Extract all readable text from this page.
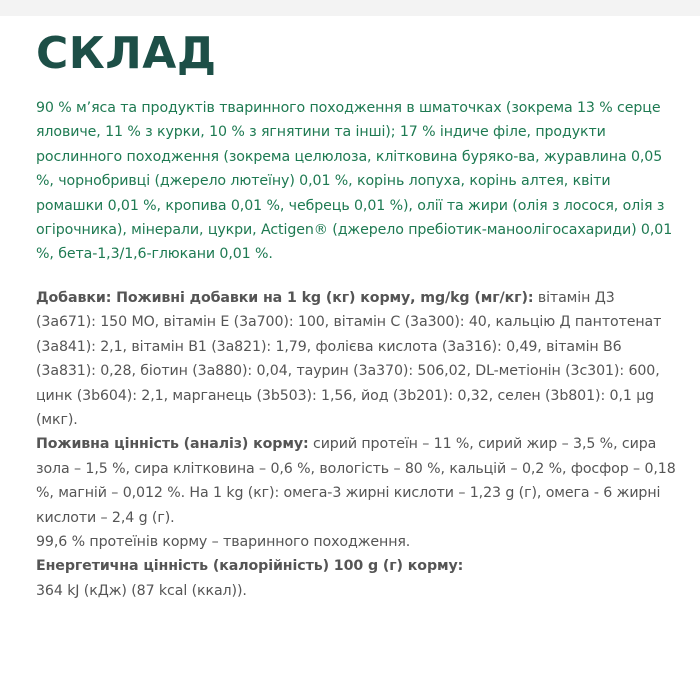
СКЛАД

90 % м’яса та продуктів тваринного походження в шматочках (зокрема 13 % серце яловиче, 11 % з курки, 10 % з ягнятини та інші); 17 % індиче філе, продукти рослинного походження (зокрема целюлоза, клітковина буряко-ва, журавлина 0,05 %, чорнобривці (джерело лютеїну) 0,01 %, корінь лопуха, корінь алтея, квіти ромашки 0,01 %, кропива 0,01 %, чебрець 0,01 %), олії та жири (олія з лосося, олія з огірочника), мінерали, цукри, Actigen® (джерело пребіотик-маноолігосахариди) 0,01 %, бета-1,3/1,6-глюкани 0,01 %.

Добавки: Поживні добавки на 1 kg (кг) корму, mg/kg (мг/кг): вітамін Д3 (3a671): 150 МО, вітамін Е (3a700): 100, вітамін С (3a300): 40, кальцію Д пантотенат (3a841): 2,1, вітамін В1 (3a821): 1,79, фолієва кислота (3a316): 0,49, вітамін В6 (3a831): 0,28, біотин (3a880): 0,04, таурин (3a370): 506,02, DL-метіонін (3c301): 600, цинк (3b604): 2,1, марганець (3b503): 1,56, йод (3b201): 0,32, селен (3b801): 0,1 µg (мкг).

Поживна цінність (аналіз) корму: сирий протеїн – 11 %, сирий жир – 3,5 %, сира зола – 1,5 %, сира клітковина – 0,6 %, вологість – 80 %, кальцій – 0,2 %, фосфор – 0,18 %, магній – 0,012 %. На 1 kg (кг): омега-3 жирні кислоти – 1,23 g (г), омега - 6 жирні кислоти – 2,4 g (г).

99,6 % протеїнів корму – тваринного походження.

Енергетична цінність (калорійність) 100 g (г) корму:

364 kJ (кДж) (87 kcal (ккал)).
